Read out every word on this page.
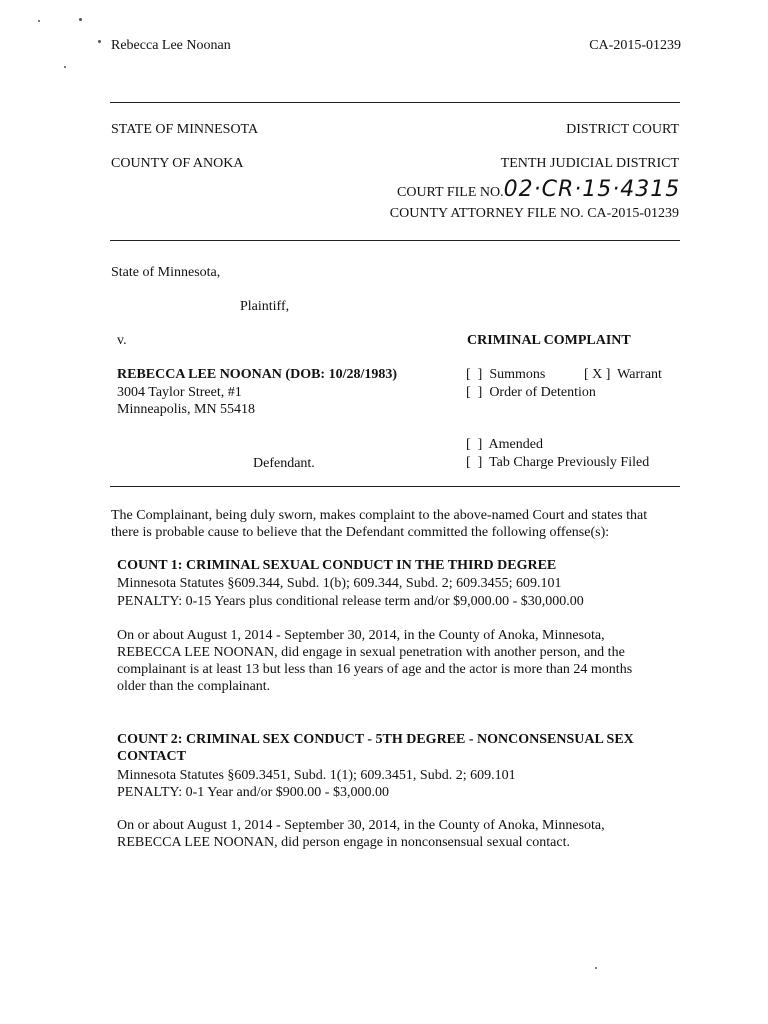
Rebecca Lee Noonan	CA-2015-01239
STATE OF MINNESOTA	DISTRICT COURT
COUNTY OF ANOKA	TENTH JUDICIAL DISTRICT
COURT FILE NO.02·CR·15·4315
COUNTY ATTORNEY FILE NO. CA-2015-01239
State of Minnesota,
Plaintiff,
v.	CRIMINAL COMPLAINT
REBECCA LEE NOONAN (DOB: 10/28/1983)
3004 Taylor Street, #1
Minneapolis, MN 55418
[  ]  Summons	[ X ]  Warrant
[  ]  Order of Detention
[  ]  Amended
Defendant.	[  ]  Tab Charge Previously Filed
The Complainant, being duly sworn, makes complaint to the above-named Court and states that
there is probable cause to believe that the Defendant committed the following offense(s):
COUNT 1: CRIMINAL SEXUAL CONDUCT IN THE THIRD DEGREE
Minnesota Statutes §609.344, Subd. 1(b); 609.344, Subd. 2; 609.3455; 609.101
PENALTY: 0-15 Years plus conditional release term and/or $9,000.00 - $30,000.00
On or about August 1, 2014 - September 30, 2014, in the County of Anoka, Minnesota,
REBECCA LEE NOONAN, did engage in sexual penetration with another person, and the
complainant is at least 13 but less than 16 years of age and the actor is more than 24 months
older than the complainant.
COUNT 2: CRIMINAL SEX CONDUCT - 5TH DEGREE - NONCONSENSUAL SEX
CONTACT
Minnesota Statutes §609.3451, Subd. 1(1); 609.3451, Subd. 2; 609.101
PENALTY: 0-1 Year and/or $900.00 - $3,000.00
On or about August 1, 2014 - September 30, 2014, in the County of Anoka, Minnesota,
REBECCA LEE NOONAN, did person engage in nonconsensual sexual contact.
